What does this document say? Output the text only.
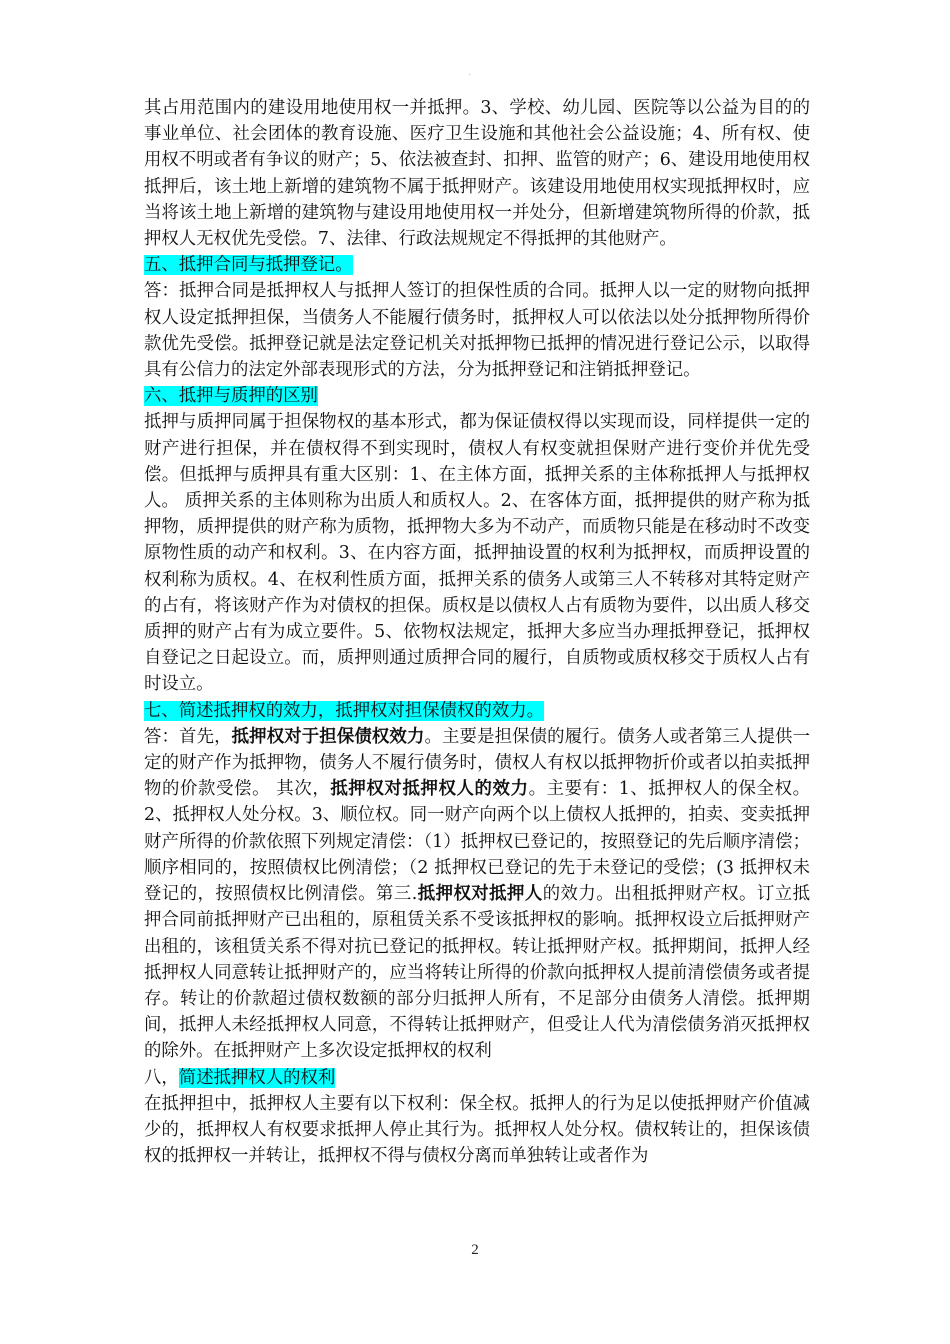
·

其占用范围内的建设用地使用权一并抵押。3、学校、幼儿园、医院等以公益为目的的事业单位、社会团体的教育设施、医疗卫生设施和其他社会公益设施；4、所有权、使用权不明或者有争议的财产；5、依法被查封、扣押、监管的财产；6、建设用地使用权抵押后，该土地上新增的建筑物不属于抵押财产。该建设用地使用权实现抵押权时，应当将该土地上新增的建筑物与建设用地使用权一并处分，但新增建筑物所得的价款，抵押权人无权优先受偿。7、法律、行政法规规定不得抵押的其他财产。

五、抵押合同与抵押登记。

答：抵押合同是抵押权人与抵押人签订的担保性质的合同。抵押人以一定的财物向抵押权人设定抵押担保，当债务人不能履行债务时，抵押权人可以依法以处分抵押物所得价款优先受偿。抵押登记就是法定登记机关对抵押物已抵押的情况进行登记公示，以取得具有公信力的法定外部表现形式的方法，分为抵押登记和注销抵押登记。

六、抵押与质押的区别

抵押与质押同属于担保物权的基本形式，都为保证债权得以实现而设，同样提供一定的财产进行担保，并在债权得不到实现时，债权人有权变就担保财产进行变价并优先受偿。但抵押与质押具有重大区别：1、在主体方面，抵押关系的主体称抵押人与抵押权人。 质押关系的主体则称为出质人和质权人。2、在客体方面，抵押提供的财产称为抵押物，质押提供的财产称为质物，抵押物大多为不动产，而质物只能是在移动时不改变原物性质的动产和权利。3、在内容方面，抵押抽设置的权利为抵押权，而质押设置的权利称为质权。4、在权利性质方面，抵押关系的债务人或第三人不转移对其特定财产的占有，将该财产作为对债权的担保。质权是以债权人占有质物为要件，以出质人移交质押的财产占有为成立要件。5、依物权法规定，抵押大多应当办理抵押登记，抵押权自登记之日起设立。而，质押则通过质押合同的履行，自质物或质权移交于质权人占有时设立。

七、简述抵押权的效力，抵押权对担保债权的效力。

答：首先，抵押权对于担保债权效力。主要是担保债的履行。债务人或者第三人提供一定的财产作为抵押物，债务人不履行债务时，债权人有权以抵押物折价或者以拍卖抵押物的价款受偿。 其次，抵押权对抵押权人的效力。主要有：1、抵押权人的保全权。2、抵押权人处分权。3、顺位权。同一财产向两个以上债权人抵押的，拍卖、变卖抵押财产所得的价款依照下列规定清偿：（1）抵押权已登记的，按照登记的先后顺序清偿；顺序相同的，按照债权比例清偿；（2 抵押权已登记的先于未登记的受偿；(3 抵押权未登记的，按照债权比例清偿。第三.抵押权对抵押人的效力。出租抵押财产权。订立抵押合同前抵押财产已出租的，原租赁关系不受该抵押权的影响。抵押权设立后抵押财产出租的，该租赁关系不得对抗已登记的抵押权。转让抵押财产权。抵押期间，抵押人经抵押权人同意转让抵押财产的，应当将转让所得的价款向抵押权人提前清偿债务或者提存。转让的价款超过债权数额的部分归抵押人所有，不足部分由债务人清偿。抵押期间，抵押人未经抵押权人同意，不得转让抵押财产，但受让人代为清偿债务消灭抵押权的除外。在抵押财产上多次设定抵押权的权利

八，简述抵押权人的权利

在抵押担中，抵押权人主要有以下权利：保全权。抵押人的行为足以使抵押财产价值减少的，抵押权人有权要求抵押人停止其行为。抵押权人处分权。债权转让的，担保该债权的抵押权一并转让，抵押权不得与债权分离而单独转让或者作为

2
